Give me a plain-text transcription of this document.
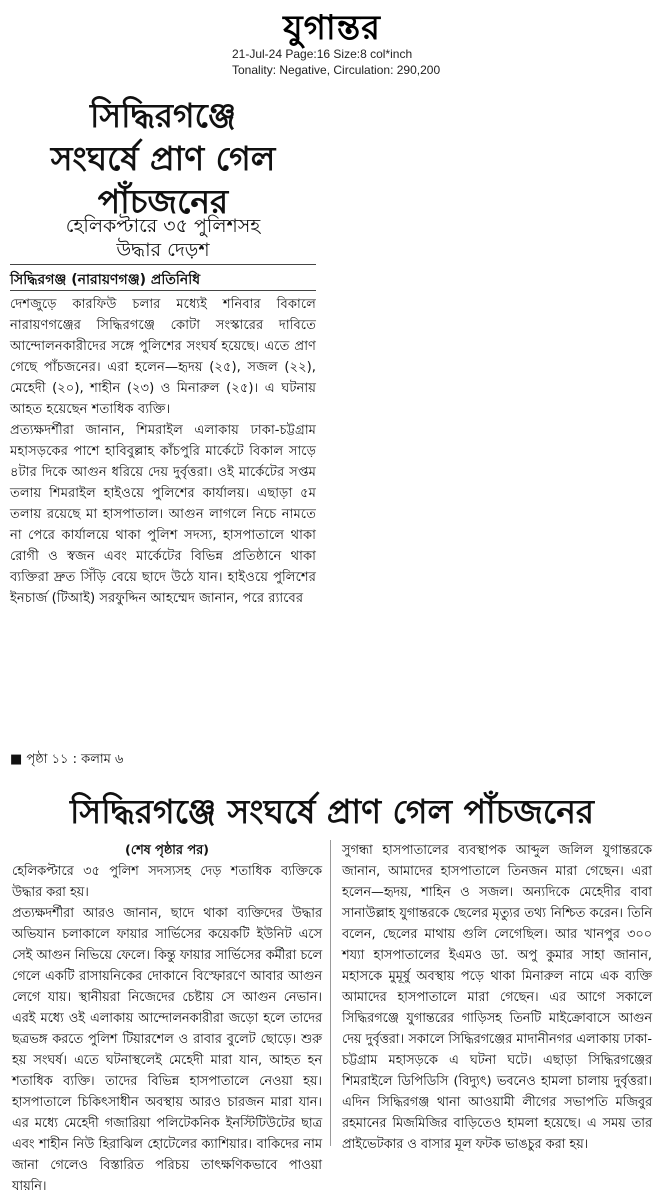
যুগান্তর
21-Jul-24 Page:16 Size:8 col*inch
Tonality: Negative, Circulation: 290,200
সিদ্ধিরগঞ্জে
সংঘর্ষে প্রাণ গেল
পাঁচজনের
হেলিকপ্টারে ৩৫ পুলিশসহ
উদ্ধার দেড়শ
সিদ্ধিরগঞ্জ (নারায়ণগঞ্জ) প্রতিনিধি

দেশজুড়ে কারফিউ চলার মধ্যেই শনিবার বিকালে নারায়ণগঞ্জের সিদ্ধিরগঞ্জে কোটা সংস্কারের দাবিতে আন্দোলনকারীদের সঙ্গে পুলিশের সংঘর্ষ হয়েছে। এতে প্রাণ গেছে পাঁচজনের। এরা হলেন—হৃদয় (২৫), সজল (২২), মেহেদী (২০), শাহীন (২৩) ও মিনারুল (২৫)। এ ঘটনায় আহত হয়েছেন শতাধিক ব্যক্তি।

প্রত্যক্ষদর্শীরা জানান, শিমরাইল এলাকায় ঢাকা-চট্টগ্রাম মহাসড়কের পাশে হাবিবুল্লাহ কাঁচপুরি মার্কেটে বিকাল সাড়ে ৪টার দিকে আগুন ধরিয়ে দেয় দুর্বৃত্তরা। ওই মার্কেটের সপ্তম তলায় শিমরাইল হাইওয়ে পুলিশের কার্যালয়। এছাড়া ৫ম তলায় রয়েছে মা হাসপাতাল। আগুন লাগলে নিচে নামতে না পেরে কার্যালয়ে থাকা পুলিশ সদস্য, হাসপাতালে থাকা রোগী ও স্বজন এবং মার্কেটের বিভিন্ন প্রতিষ্ঠানে থাকা ব্যক্তিরা দ্রুত সিঁড়ি বেয়ে ছাদে উঠে যান। হাইওয়ে পুলিশের ইনচার্জ (টিআই) সরফুদ্দিন আহম্মেদ জানান, পরে র‌্যাবের

■ পৃষ্ঠা ১১ : কলাম ৬
সিদ্ধিরগঞ্জে সংঘর্ষে প্রাণ গেল পাঁচজনের

(শেষ পৃষ্ঠার পর)

হেলিকপ্টারে ৩৫ পুলিশ সদস্যসহ দেড় শতাধিক ব্যক্তিকে উদ্ধার করা হয়।

প্রত্যক্ষদর্শীরা আরও জানান, ছাদে থাকা ব্যক্তিদের উদ্ধার অভিযান চলাকালে ফায়ার সার্ভিসের কয়েকটি ইউনিট এসে সেই আগুন নিভিয়ে ফেলে। কিন্তু ফায়ার সার্ভিসের কর্মীরা চলে গেলে একটি রাসায়নিকের দোকানে বিস্ফোরণে আবার আগুন লেগে যায়। স্থানীয়রা নিজেদের চেষ্টায় সে আগুন নেভান। এরই মধ্যে ওই এলাকায় আন্দোলনকারীরা জড়ো হলে তাদের ছত্রভঙ্গ করতে পুলিশ টিয়ারশেল ও রাবার বুলেট ছোড়ে। শুরু হয় সংঘর্ষ। এতে ঘটনাস্থলেই মেহেদী মারা যান, আহত হন শতাধিক ব্যক্তি। তাদের বিভিন্ন হাসপাতালে নেওয়া হয়। হাসপাতালে চিকিৎসাধীন অবস্থায় আরও চারজন মারা যান। এর মধ্যে মেহেদী গজারিয়া পলিটেকনিক ইনস্টিটিউটের ছাত্র এবং শাহীন নিউ হিরাঝিল হোটেলের ক্যাশিয়ার। বাকিদের নাম জানা গেলেও বিস্তারিত পরিচয় তাৎক্ষণিকভাবে পাওয়া যায়নি।

সুগন্ধা হাসপাতালের ব্যবস্থাপক আব্দুল জলিল যুগান্তরকে জানান, আমাদের হাসপাতালে তিনজন মারা গেছেন। এরা হলেন—হৃদয়, শাহিন ও সজল। অন্যদিকে মেহেদীর বাবা সানাউল্লাহ যুগান্তরকে ছেলের মৃত্যুর তথ্য নিশ্চিত করেন। তিনি বলেন, ছেলের মাথায় গুলি লেগেছিল। আর খানপুর ৩০০ শয্যা হাসপাতালের ইএমও ডা. অপু কুমার সাহা জানান, মহাসকে মুমূর্ষু অবস্থায় পড়ে থাকা মিনারুল নামে এক ব্যক্তি আমাদের হাসপাতালে মারা গেছেন। এর আগে সকালে সিদ্ধিরগঞ্জে যুগান্তরের গাড়িসহ তিনটি মাইক্রোবাসে আগুন দেয় দুর্বৃত্তরা। সকালে সিদ্ধিরগঞ্জের মাদানীনগর এলাকায় ঢাকা-চট্টগ্রাম মহাসড়কে এ ঘটনা ঘটে। এছাড়া সিদ্ধিরগঞ্জের শিমরাইলে ডিপিডিসি (বিদ্যুৎ) ভবনেও হামলা চালায় দুর্বৃত্তরা। এদিন সিদ্ধিরগঞ্জ থানা আওয়ামী লীগের সভাপতি মজিবুর রহমানের মিজমিজির বাড়িতেও হামলা হয়েছে। এ সময় তার প্রাইভেটকার ও বাসার মূল ফটক ভাঙচুর করা হয়।
